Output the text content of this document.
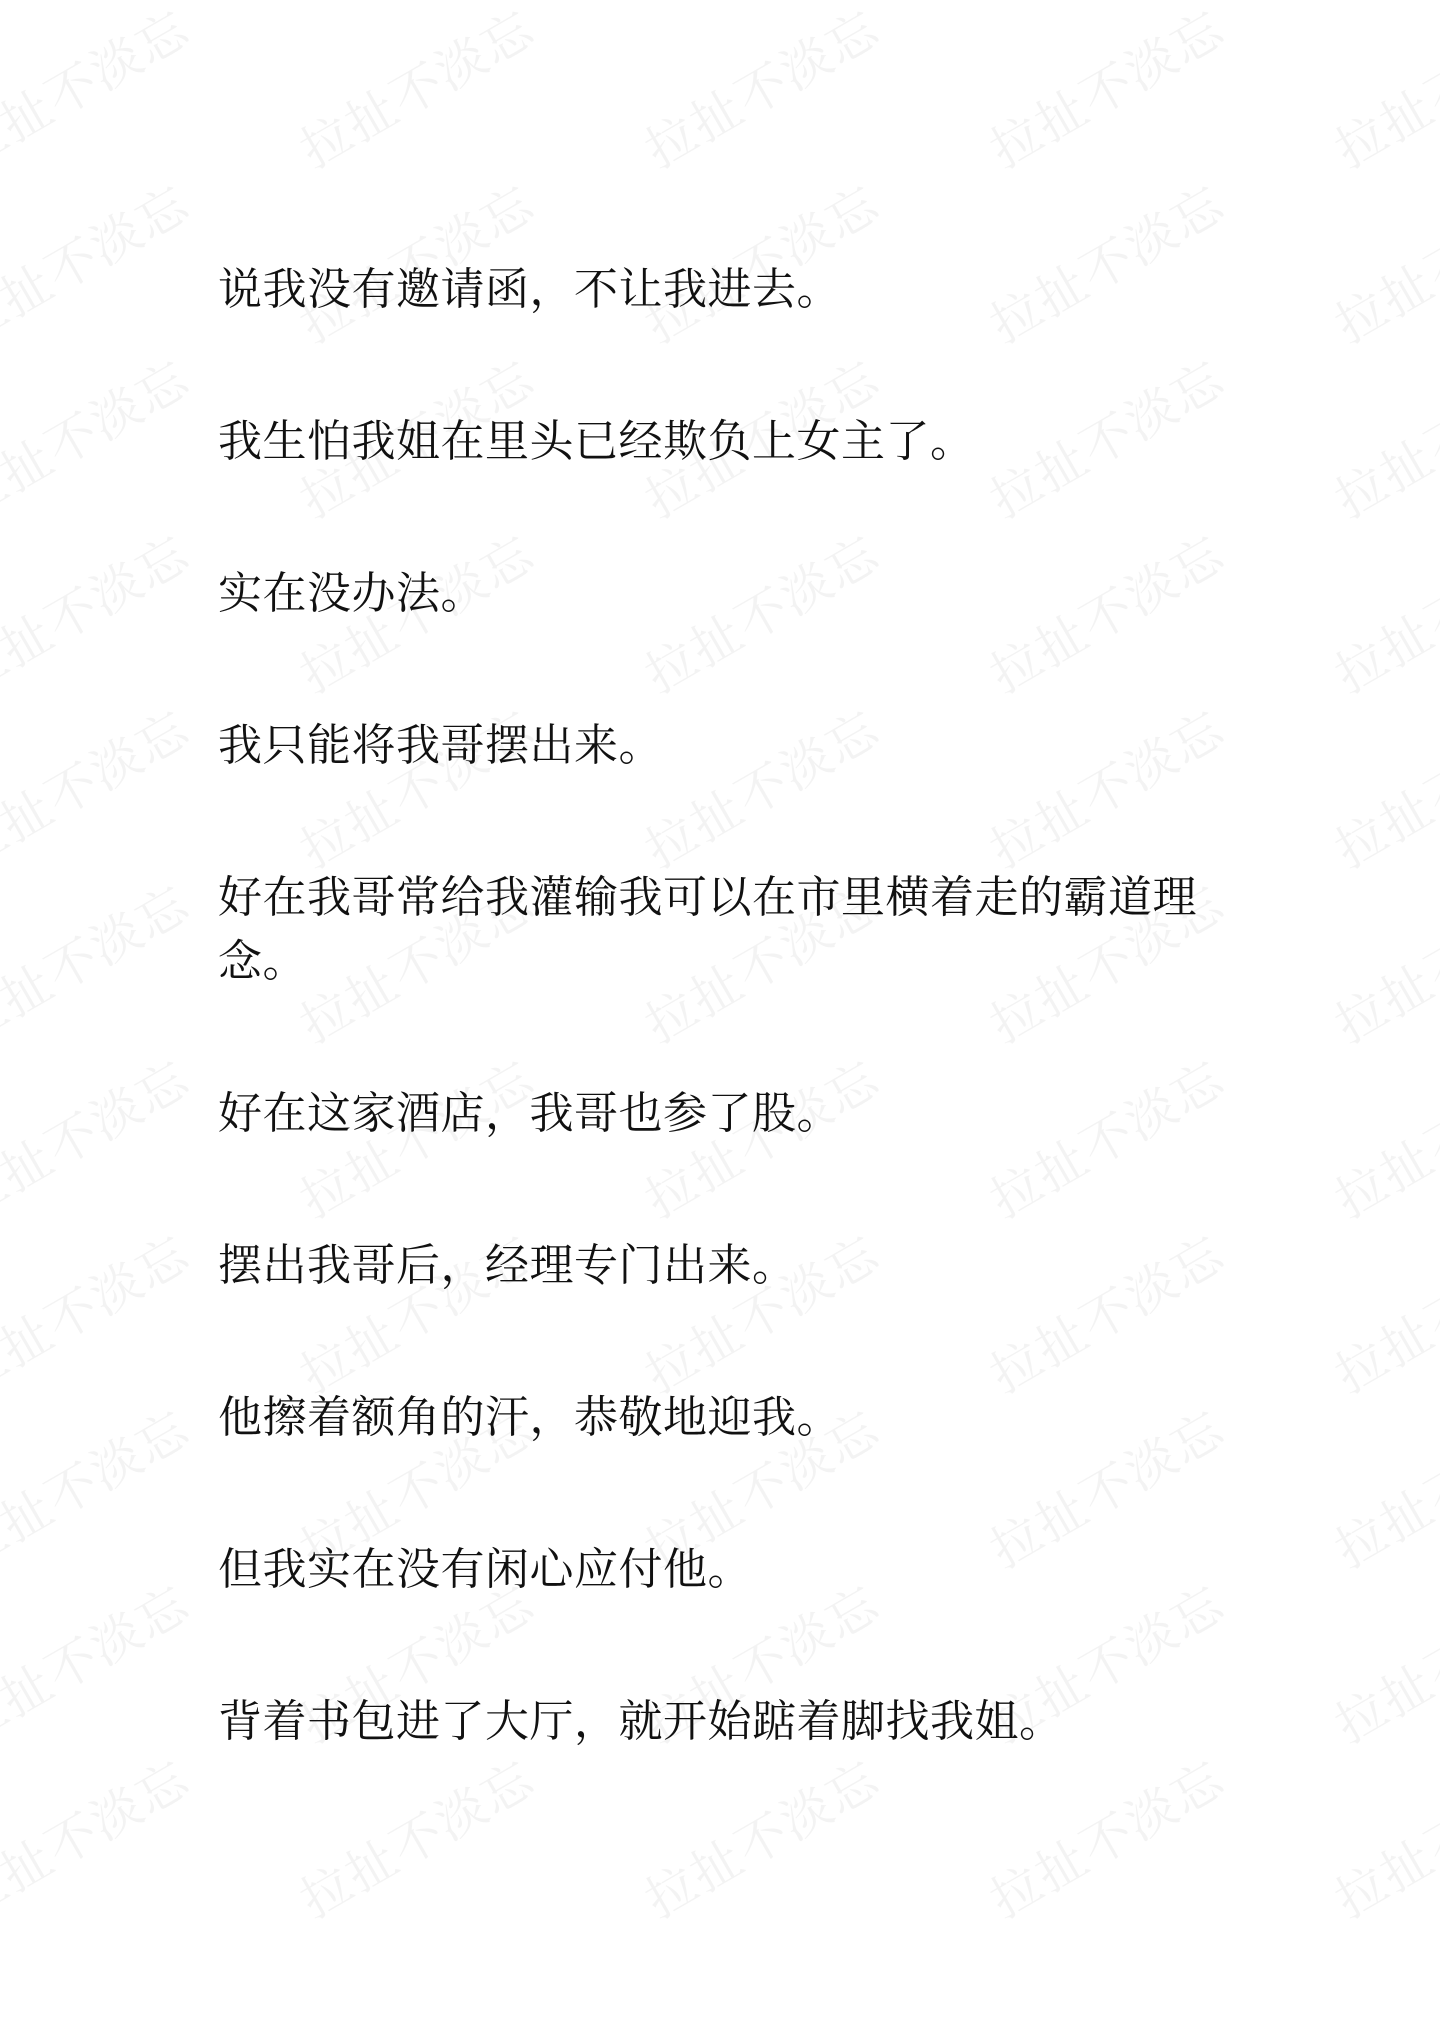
说我没有邀请函，不让我进去。

我生怕我姐在里头已经欺负上女主了。

实在没办法。

我只能将我哥摆出来。

好在我哥常给我灌输我可以在市里横着走的霸道理念。

好在这家酒店，我哥也参了股。

摆出我哥后，经理专门出来。

他擦着额角的汗，恭敬地迎我。

但我实在没有闲心应付他。

背着书包进了大厅，就开始踮着脚找我姐。
